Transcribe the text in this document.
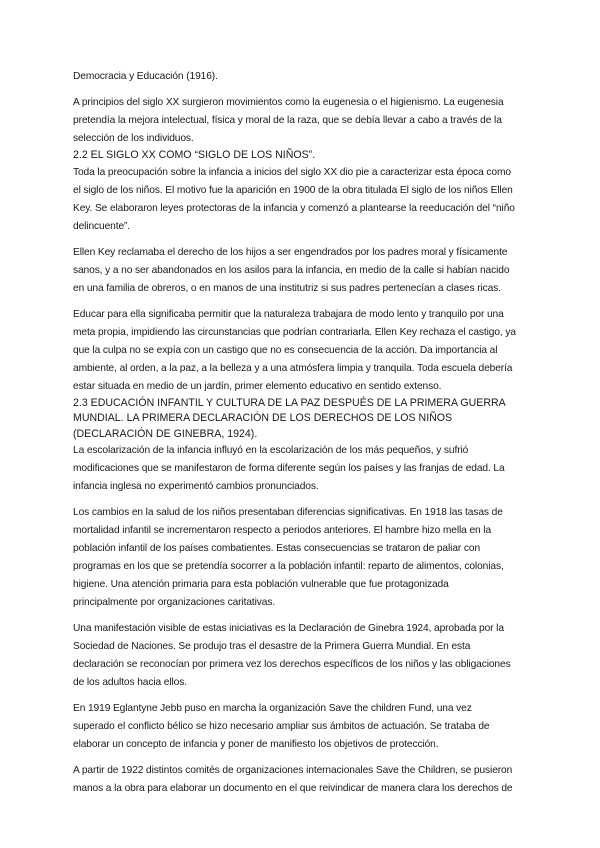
Democracia y Educación (1916).

A principios del siglo XX surgieron movimientos como la eugenesia o el higienismo. La eugenesia pretendía la mejora intelectual, física y moral de la raza, que se debía llevar a cabo a través de la selección de los individuos.

2.2 EL SIGLO XX COMO “SIGLO DE LOS NIÑOS”.

Toda la preocupación sobre la infancia a inicios del siglo XX dio pie a caracterizar esta época como el siglo de los niños. El motivo fue la aparición en 1900 de la obra titulada El siglo de los niños Ellen Key. Se elaboraron leyes protectoras de la infancia y comenzó a plantearse la reeducación del “niño delincuente”.

Ellen Key reclamaba el derecho de los hijos a ser engendrados por los padres moral y físicamente sanos, y a no ser abandonados en los asilos para la infancia, en medio de la calle si habían nacido en una familia de obreros, o en manos de una institutriz si sus padres pertenecían a clases ricas.

Educar para ella significaba permitir que la naturaleza trabajara de modo lento y tranquilo por una meta propia, impidiendo las circunstancias que podrían contrariarla. Ellen Key rechaza el castigo, ya que la culpa no se expía con un castigo que no es consecuencia de la acción. Da importancia al ambiente, al orden, a la paz, a la belleza y a una atmósfera limpia y tranquila. Toda escuela debería estar situada en medio de un jardín, primer elemento educativo en sentido extenso.

2.3 EDUCACIÓN INFANTIL Y CULTURA DE LA PAZ DESPUÉS DE LA PRIMERA GUERRA MUNDIAL. LA PRIMERA DECLARACIÓN DE LOS DERECHOS DE LOS NIÑOS (DECLARACIÓN DE GINEBRA, 1924).

La escolarización de la infancia influyó en la escolarización de los más pequeños, y sufrió modificaciones que se manifestaron de forma diferente según los países y las franjas de edad. La infancia inglesa no experimentó cambios pronunciados.

Los cambios en la salud de los niños presentaban diferencias significativas. En 1918 las tasas de mortalidad infantil se incrementaron respecto a periodos anteriores. El hambre hizo mella en la población infantil de los países combatientes. Estas consecuencias se trataron de paliar con programas en los que se pretendía socorrer a la población infantil: reparto de alimentos, colonias, higiene. Una atención primaria para esta población vulnerable que fue protagonizada principalmente por organizaciones caritativas.

Una manifestación visible de estas iniciativas es la Declaración de Ginebra 1924, aprobada por la Sociedad de Naciones. Se produjo tras el desastre de la Primera Guerra Mundial. En esta declaración se reconocían por primera vez los derechos específicos de los niños y las obligaciones de los adultos hacia ellos.

En 1919 Eglantyne Jebb puso en marcha la organización Save the children Fund, una vez superado el conflicto bélico se hizo necesario ampliar sus ámbitos de actuación. Se trataba de elaborar un concepto de infancia y poner de manifiesto los objetivos de protección.

A partir de 1922 distintos comités de organizaciones internacionales Save the Children, se pusieron manos a la obra para elaborar un documento en el que reivindicar de manera clara los derechos de
